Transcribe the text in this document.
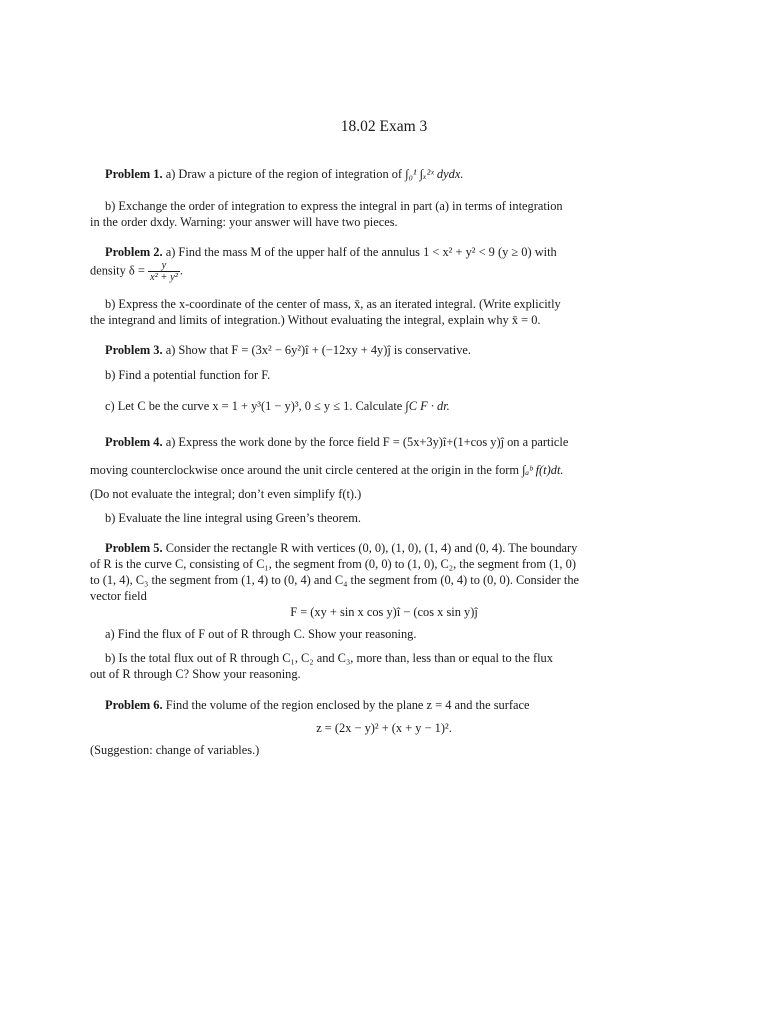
18.02 Exam 3
Problem 1. a) Draw a picture of the region of integration of ∫₀¹ ∫ₓ²ˣ dydx.
b) Exchange the order of integration to express the integral in part (a) in terms of integration
in the order dxdy. Warning: your answer will have two pieces.
Problem 2. a) Find the mass M of the upper half of the annulus 1 < x² + y² < 9 (y ≥ 0) with
density $\delta = \frac{y}{\text{x² + y²}}$ .
b) Express the x-coordinate of the center of mass, x̄, as an iterated integral. (Write explicitly
the integrand and limits of integration.) Without evaluating the integral, explain why x̄ = 0.
Problem 3. a) Show that F = (3x² − 6y²)î + (−12xy + 4y)ĵ is conservative.
b) Find a potential function for F.
c) Let C be the curve x = 1 + y³(1 − y)³, 0 ≤ y ≤ 1. Calculate ∫C F · dr.
Problem 4. a) Express the work done by the force field F = (5x+3y)î+(1+cos y)ĵ on a particle
moving counterclockwise once around the unit circle centered at the origin in the form ∫ₐᵇ f(t)dt.
(Do not evaluate the integral; don’t even simplify f(t).)
b) Evaluate the line integral using Green’s theorem.
Problem 5. Consider the rectangle R with vertices (0, 0), (1, 0), (1, 4) and (0, 4). The boundary
of R is the curve C, consisting of C₁, the segment from (0, 0) to (1, 0), C₂, the segment from (1, 0)
to (1, 4), C₃ the segment from (1, 4) to (0, 4) and C₄ the segment from (0, 4) to (0, 0). Consider the
vector field
F = (xy + sin x cos y)î − (cos x sin y)ĵ
a) Find the flux of F out of R through C. Show your reasoning.
b) Is the total flux out of R through C₁, C₂ and C₃, more than, less than or equal to the flux
out of R through C? Show your reasoning.
Problem 6. Find the volume of the region enclosed by the plane z = 4 and the surface
z = (2x − y)² + (x + y − 1)².
(Suggestion: change of variables.)
